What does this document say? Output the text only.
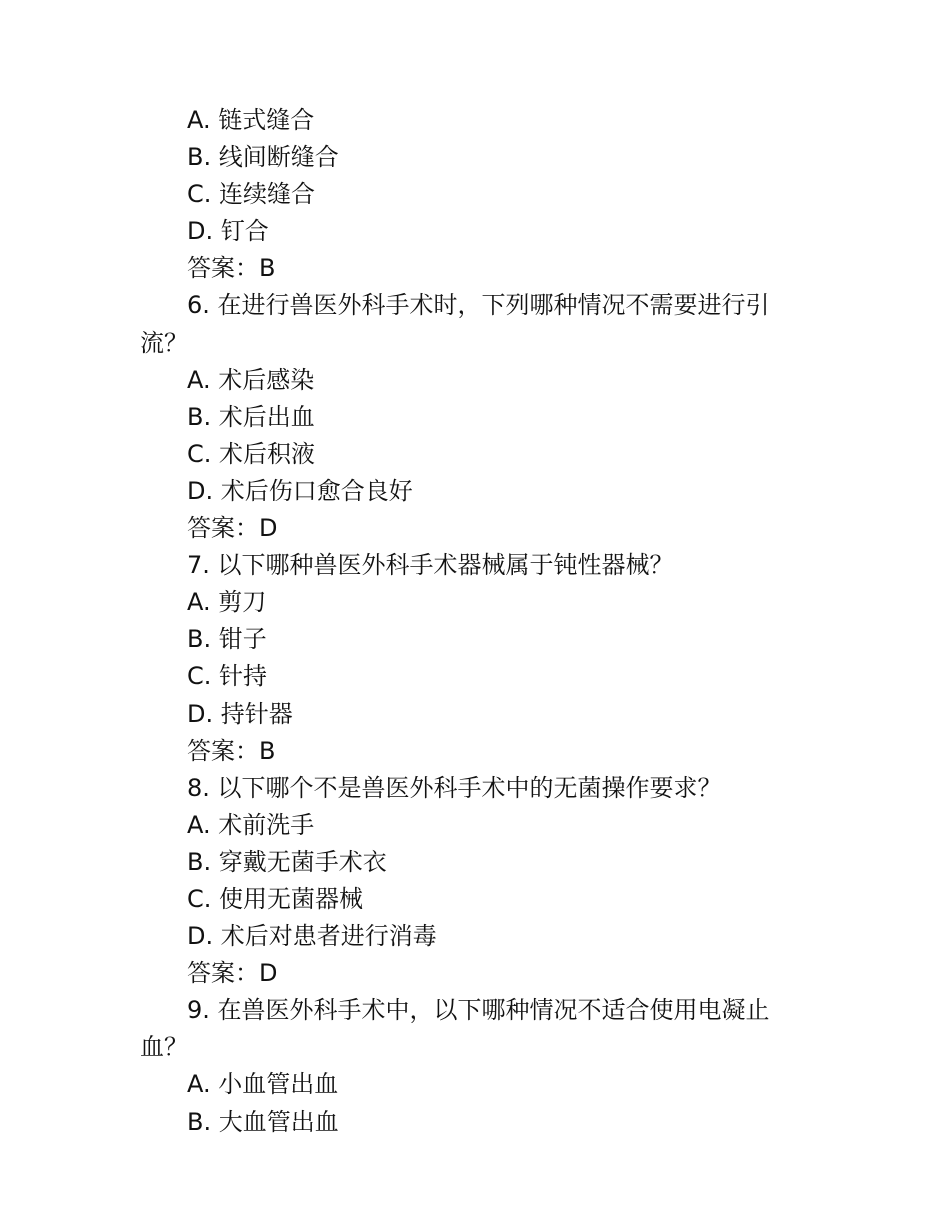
A. 链式缝合
B. 线间断缝合
C. 连续缝合
D. 钉合
答案：B
6. 在进行兽医外科手术时，下列哪种情况不需要进行引流？
A. 术后感染
B. 术后出血
C. 术后积液
D. 术后伤口愈合良好
答案：D
7. 以下哪种兽医外科手术器械属于钝性器械？
A. 剪刀
B. 钳子
C. 针持
D. 持针器
答案：B
8. 以下哪个不是兽医外科手术中的无菌操作要求？
A. 术前洗手
B. 穿戴无菌手术衣
C. 使用无菌器械
D. 术后对患者进行消毒
答案：D
9. 在兽医外科手术中，以下哪种情况不适合使用电凝止血？
A. 小血管出血
B. 大血管出血
